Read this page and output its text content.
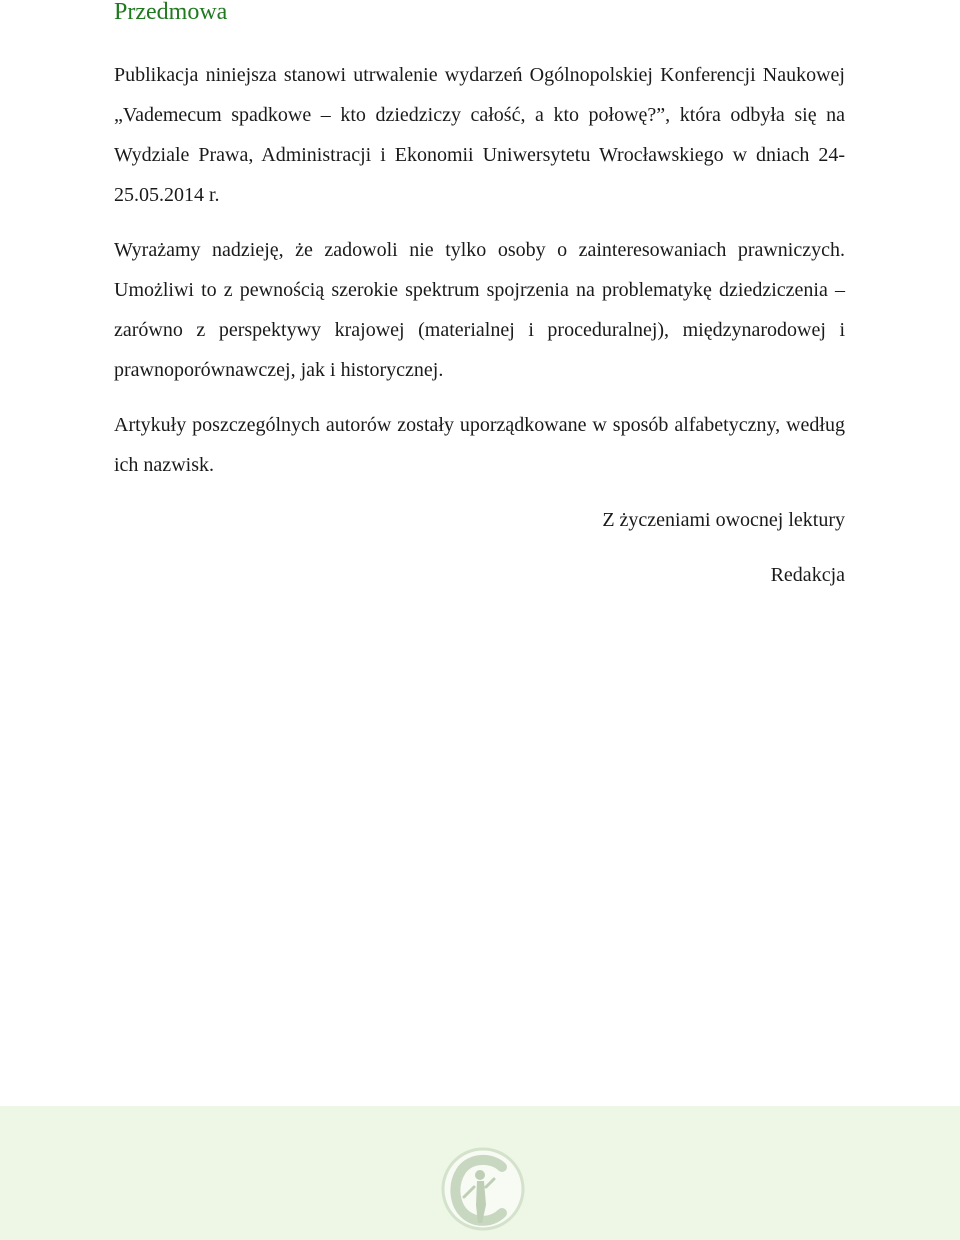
Przedmowa

Publikacja niniejsza stanowi utrwalenie wydarzeń Ogólnopolskiej Konferencji Naukowej „Vademecum spadkowe – kto dziedziczy całość, a kto połowę?”, która odbyła się na Wydziale Prawa, Administracji i Ekonomii Uniwersytetu Wrocławskiego w dniach 24-25.05.2014 r.

Wyrażamy nadzieję, że zadowoli nie tylko osoby o zainteresowaniach prawniczych. Umożliwi to z pewnością szerokie spektrum spojrzenia na problematykę dziedziczenia – zarówno z perspektywy krajowej (materialnej i proceduralnej), międzynarodowej i prawnoporównawczej, jak i historycznej.

Artykuły poszczególnych autorów zostały uporządkowane w sposób alfabetyczny, według ich nazwisk.

Z życzeniami owocnej lektury

Redakcja
